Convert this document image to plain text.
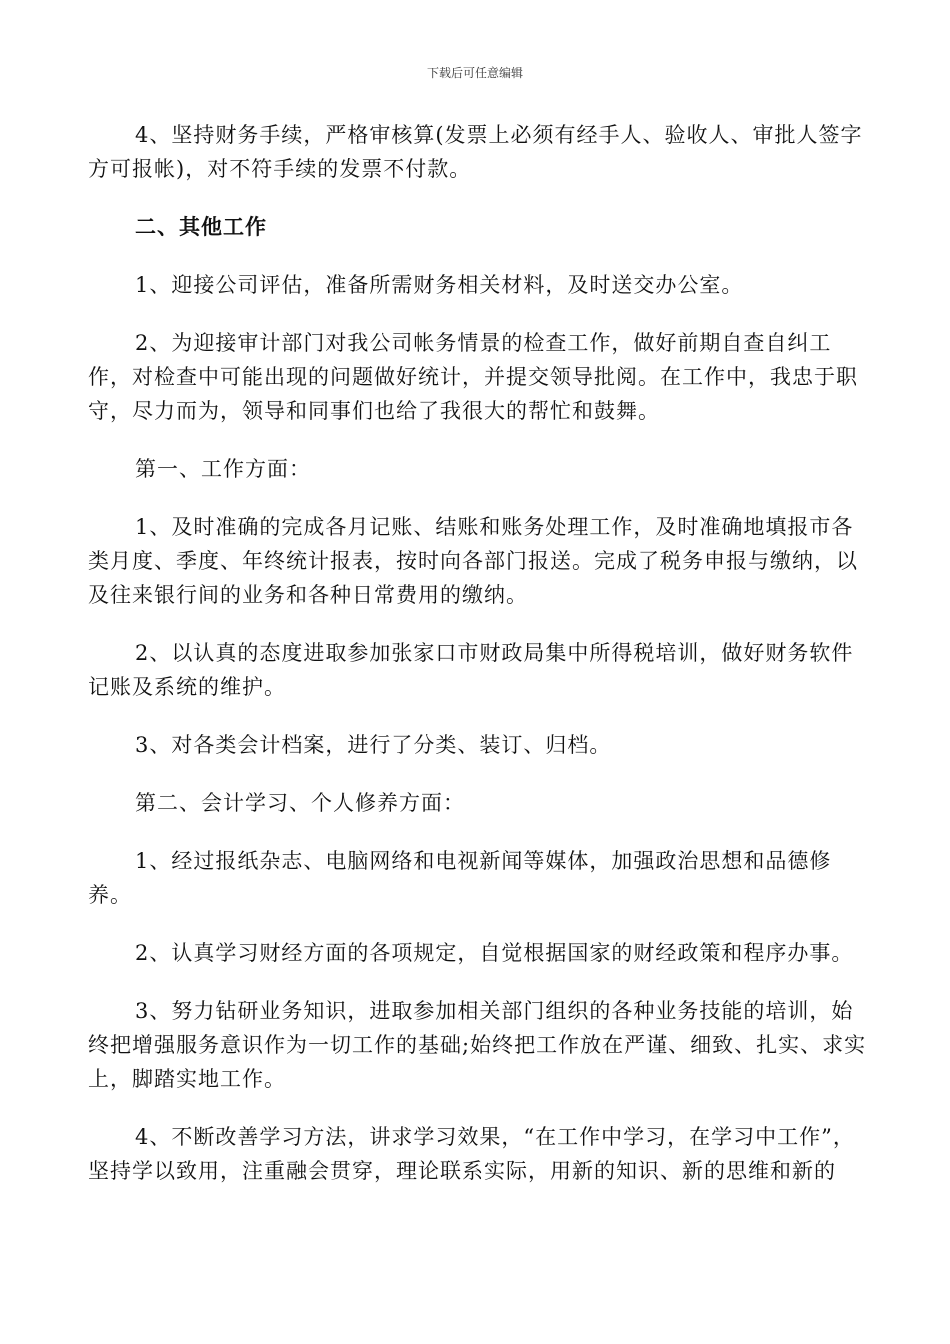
下载后可任意编辑

4、坚持财务手续，严格审核算(发票上必须有经手人、验收人、审批人签字方可报帐)，对不符手续的发票不付款。

二、其他工作

1、迎接公司评估，准备所需财务相关材料，及时送交办公室。

2、为迎接审计部门对我公司帐务情景的检查工作，做好前期自查自纠工作，对检查中可能出现的问题做好统计，并提交领导批阅。在工作中，我忠于职守，尽力而为，领导和同事们也给了我很大的帮忙和鼓舞。

第一、工作方面：

1、及时准确的完成各月记账、结账和账务处理工作，及时准确地填报市各类月度、季度、年终统计报表，按时向各部门报送。完成了税务申报与缴纳，以及往来银行间的业务和各种日常费用的缴纳。

2、以认真的态度进取参加张家口市财政局集中所得税培训，做好财务软件记账及系统的维护。

3、对各类会计档案，进行了分类、装订、归档。

第二、会计学习、个人修养方面：

1、经过报纸杂志、电脑网络和电视新闻等媒体，加强政治思想和品德修养。

2、认真学习财经方面的各项规定，自觉根据国家的财经政策和程序办事。

3、努力钻研业务知识，进取参加相关部门组织的各种业务技能的培训，始终把增强服务意识作为一切工作的基础;始终把工作放在严谨、细致、扎实、求实上，脚踏实地工作。

4、不断改善学习方法，讲求学习效果，“在工作中学习，在学习中工作”，坚持学以致用，注重融会贯穿，理论联系实际，用新的知识、新的思维和新的
